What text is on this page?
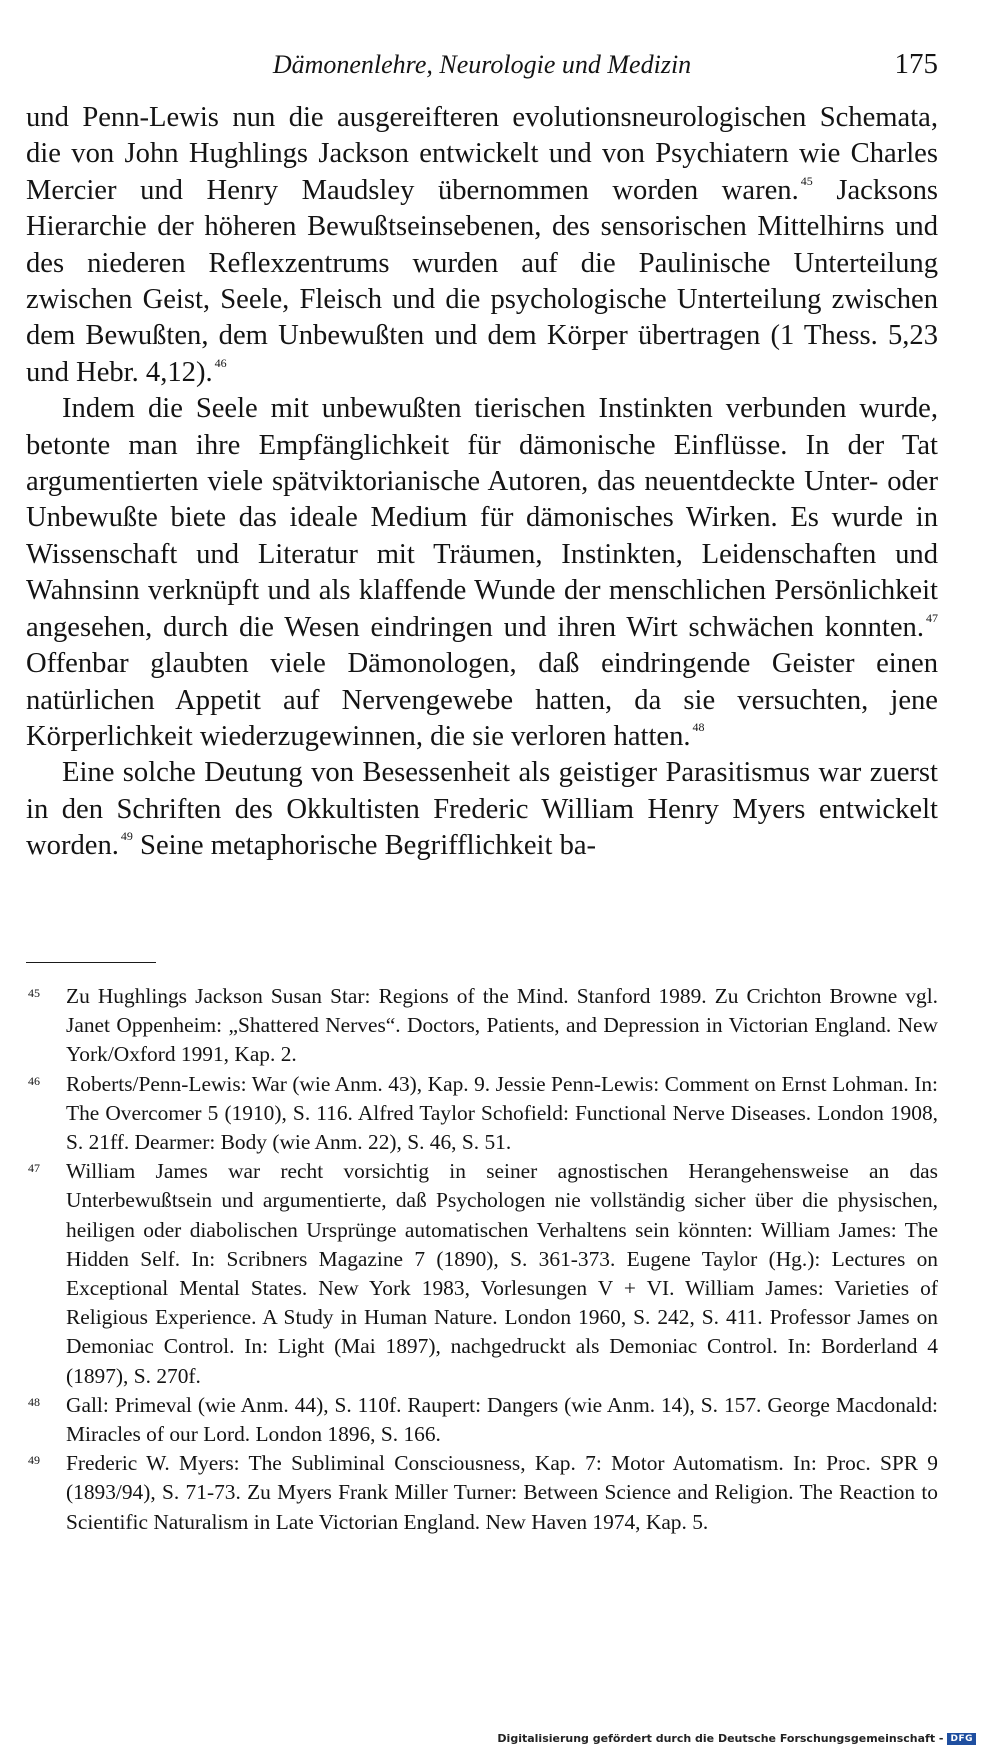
Dämonenlehre, Neurologie und Medizin	175

und Penn-Lewis nun die ausgereifteren evolutionsneurologischen Schemata, die von John Hughlings Jackson entwickelt und von Psychiatern wie Charles Mercier und Henry Maudsley übernommen worden waren. $^{45}$ Jacksons Hierarchie der höheren Bewußtseinsebenen, des sensorischen Mittelhirns und des niederen Reflexzentrums wurden auf die Paulinische Unterteilung zwischen Geist, Seele, Fleisch und die psychologische Unterteilung zwischen dem Bewußten, dem Unbewußten und dem Körper übertragen (1 Thess. 5,23 und Hebr. 4,12). $^{46}$

Indem die Seele mit unbewußten tierischen Instinkten verbunden wurde, betonte man ihre Empfänglichkeit für dämonische Einflüsse. In der Tat argumentierten viele spätviktorianische Autoren, das neuentdeckte Unter- oder Unbewußte biete das ideale Medium für dämonisches Wirken. Es wurde in Wissenschaft und Literatur mit Träumen, Instinkten, Leidenschaften und Wahnsinn verknüpft und als klaffende Wunde der menschlichen Persönlichkeit angesehen, durch die Wesen eindringen und ihren Wirt schwächen konnten. $^{47}$ Offenbar glaubten viele Dämonologen, daß eindringende Geister einen natürlichen Appetit auf Nervengewebe hatten, da sie versuchten, jene Körperlichkeit wiederzugewinnen, die sie verloren hatten. $^{48}$

Eine solche Deutung von Besessenheit als geistiger Parasitismus war zuerst in den Schriften des Okkultisten Frederic William Henry Myers entwickelt worden. $^{49}$ Seine metaphorische Begrifflichkeit ba-

45 Zu Hughlings Jackson Susan Star: Regions of the Mind. Stanford 1989. Zu Crichton Browne vgl. Janet Oppenheim: „Shattered Nerves“. Doctors, Patients, and Depression in Victorian England. New York/Oxford 1991, Kap. 2.
46 Roberts/Penn-Lewis: War (wie Anm. 43), Kap. 9. Jessie Penn-Lewis: Comment on Ernst Lohman. In: The Overcomer 5 (1910), S. 116. Alfred Taylor Schofield: Functional Nerve Diseases. London 1908, S. 21ff. Dearmer: Body (wie Anm. 22), S. 46, S. 51.
47 William James war recht vorsichtig in seiner agnostischen Herangehensweise an das Unterbewußtsein und argumentierte, daß Psychologen nie vollständig sicher über die physischen, heiligen oder diabolischen Ursprünge automatischen Verhaltens sein könnten: William James: The Hidden Self. In: Scribners Magazine 7 (1890), S. 361-373. Eugene Taylor (Hg.): Lectures on Exceptional Mental States. New York 1983, Vorlesungen V + VI. William James: Varieties of Religious Experience. A Study in Human Nature. London 1960, S. 242, S. 411. Professor James on Demoniac Control. In: Light (Mai 1897), nachgedruckt als Demoniac Control. In: Borderland 4 (1897), S. 270f.
48 Gall: Primeval (wie Anm. 44), S. 110f. Raupert: Dangers (wie Anm. 14), S. 157. George Macdonald: Miracles of our Lord. London 1896, S. 166.
49 Frederic W. Myers: The Subliminal Consciousness, Kap. 7: Motor Automatism. In: Proc. SPR 9 (1893/94), S. 71-73. Zu Myers Frank Miller Turner: Between Science and Religion. The Reaction to Scientific Naturalism in Late Victorian England. New Haven 1974, Kap. 5.
Digitalisierung gefördert durch die Deutsche Forschungsgemeinschaft - DFG
